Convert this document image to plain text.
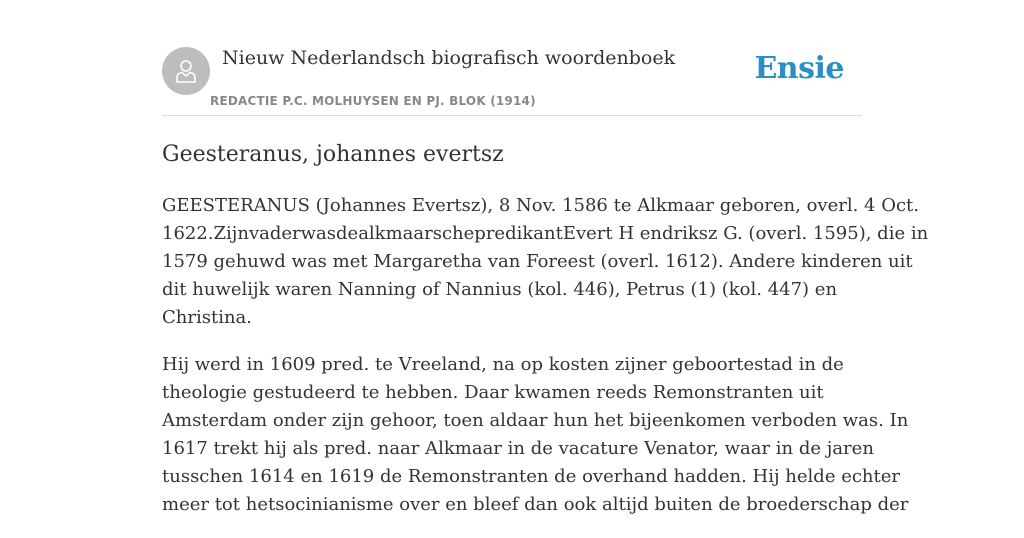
Nieuw Nederlandsch biografisch woordenboek
REDACTIE P.C. MOLHUYSEN EN PJ. BLOK (1914)
Ensie
Geesteranus, johannes evertsz

GEESTERANUS (Johannes Evertsz), 8 Nov. 1586 te Alkmaar geboren, overl. 4 Oct.
1622.ZijnvaderwasdealkmaarschepredikantEvert H endriksz G. (overl. 1595), die in
1579 gehuwd was met Margaretha van Foreest (overl. 1612). Andere kinderen uit
dit huwelijk waren Nanning of Nannius (kol. 446), Petrus (1) (kol. 447) en
Christina.

Hij werd in 1609 pred. te Vreeland, na op kosten zijner geboortestad in de
theologie gestudeerd te hebben. Daar kwamen reeds Remonstranten uit
Amsterdam onder zijn gehoor, toen aldaar hun het bijeenkomen verboden was. In
1617 trekt hij als pred. naar Alkmaar in de vacature Venator, waar in de jaren
tusschen 1614 en 1619 de Remonstranten de overhand hadden. Hij helde echter
meer tot hetsocinianisme over en bleef dan ook altijd buiten de broederschap der
